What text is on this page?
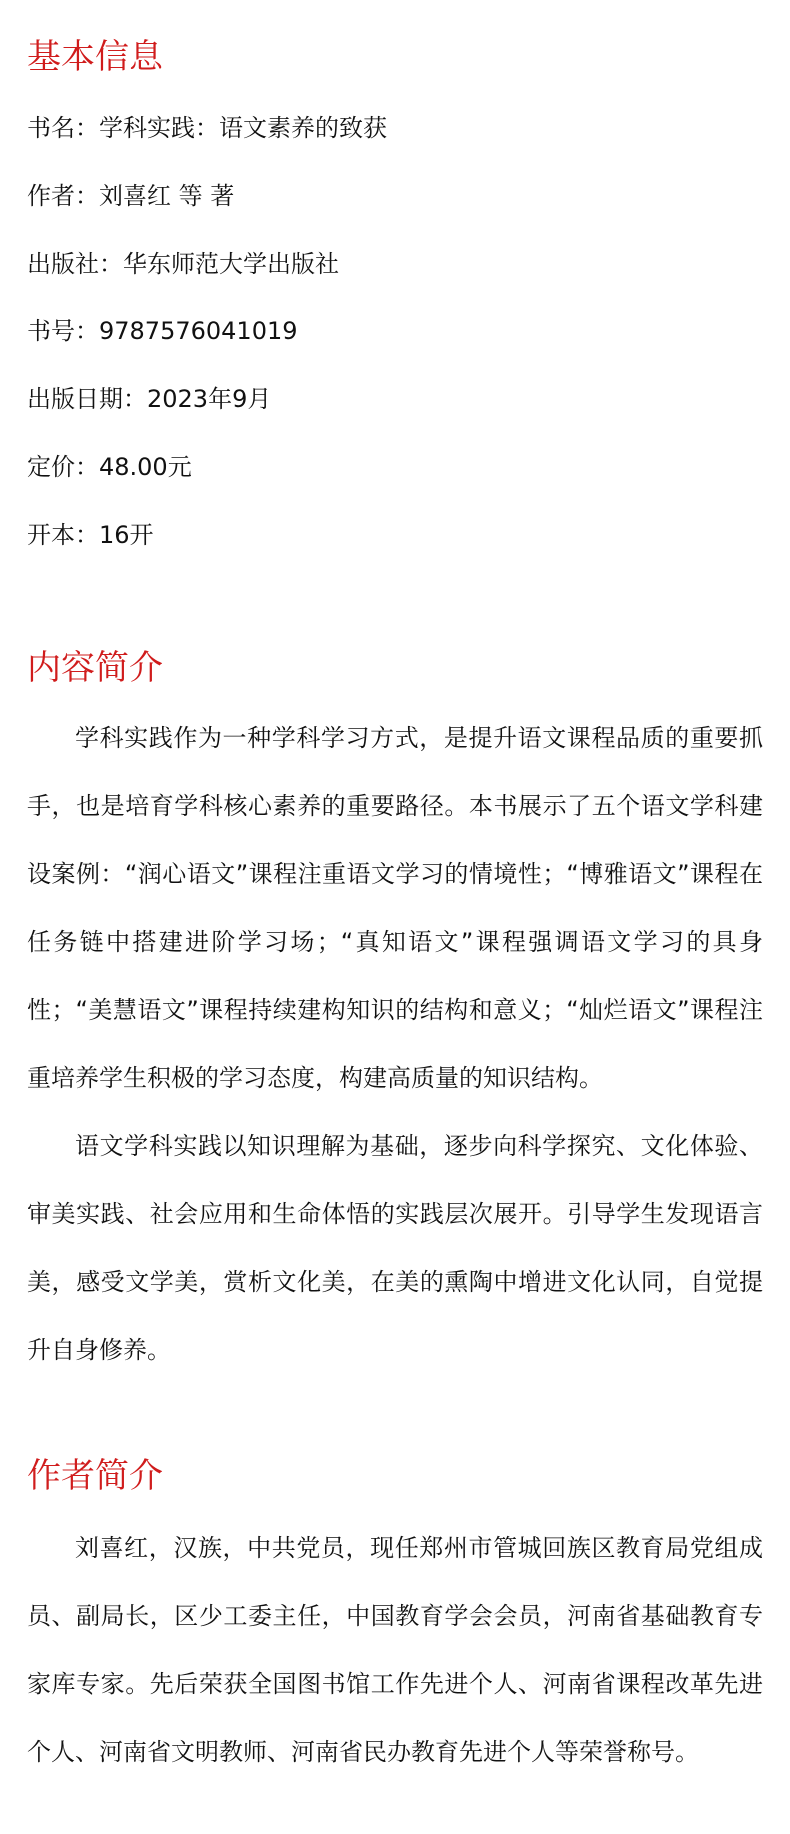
基本信息

书名：学科实践：语文素养的致获

作者：刘喜红 等 著

出版社：华东师范大学出版社

书号：9787576041019

出版日期：2023年9月

定价：48.00元

开本：16开

内容简介

学科实践作为一种学科学习方式，是提升语文课程品质的重要抓手，也是培育学科核心素养的重要路径。本书展示了五个语文学科建设案例：“润心语文”课程注重语文学习的情境性；“博雅语文”课程在任务链中搭建进阶学习场；“真知语文”课程强调语文学习的具身性；“美慧语文”课程持续建构知识的结构和意义；“灿烂语文”课程注重培养学生积极的学习态度，构建高质量的知识结构。

语文学科实践以知识理解为基础，逐步向科学探究、文化体验、审美实践、社会应用和生命体悟的实践层次展开。引导学生发现语言美，感受文学美，赏析文化美，在美的熏陶中增进文化认同，自觉提升自身修养。

作者简介

刘喜红，汉族，中共党员，现任郑州市管城回族区教育局党组成员、副局长，区少工委主任，中国教育学会会员，河南省基础教育专家库专家。先后荣获全国图书馆工作先进个人、河南省课程改革先进个人、河南省文明教师、河南省民办教育先进个人等荣誉称号。
